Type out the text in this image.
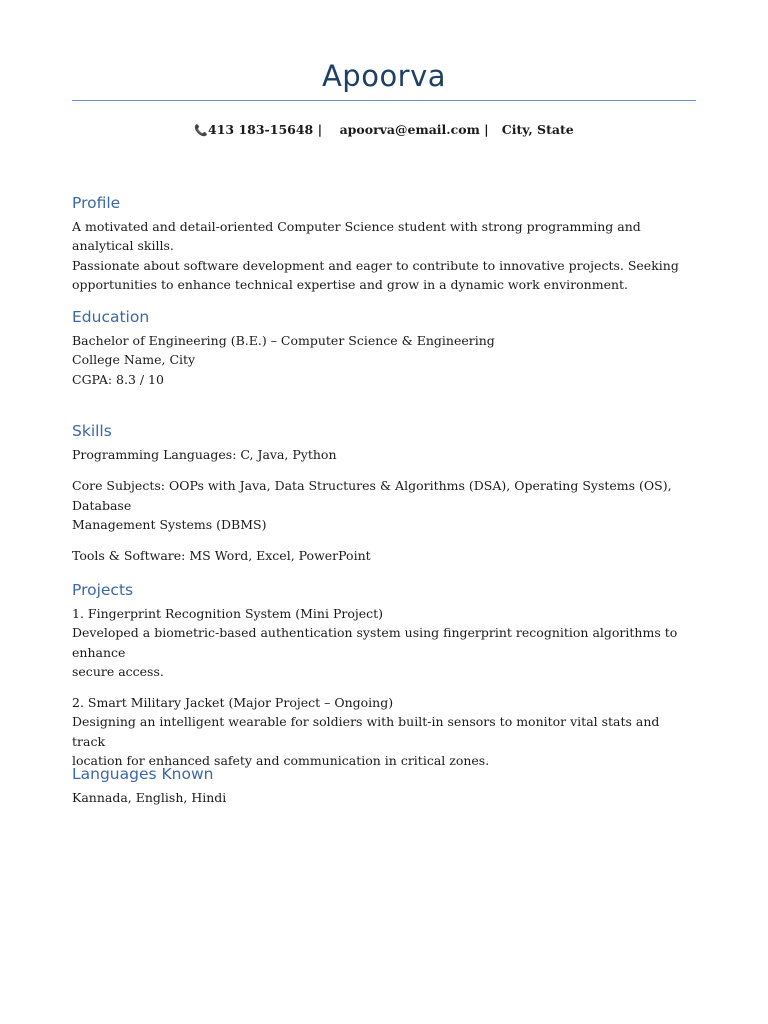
Apoorva
📞413 183-15648 | apoorva@email.com | City, State
Profile

A motivated and detail-oriented Computer Science student with strong programming and analytical skills.
Passionate about software development and eager to contribute to innovative projects. Seeking
opportunities to enhance technical expertise and grow in a dynamic work environment.

Education

Bachelor of Engineering (B.E.) – Computer Science & Engineering
College Name, City
CGPA: 8.3 / 10

Skills

Programming Languages: C, Java, Python

Core Subjects: OOPs with Java, Data Structures & Algorithms (DSA), Operating Systems (OS), Database
Management Systems (DBMS)

Tools & Software: MS Word, Excel, PowerPoint

Projects

1. Fingerprint Recognition System (Mini Project)
Developed a biometric-based authentication system using fingerprint recognition algorithms to enhance
secure access.

2. Smart Military Jacket (Major Project – Ongoing)
Designing an intelligent wearable for soldiers with built-in sensors to monitor vital stats and track
location for enhanced safety and communication in critical zones.

Languages Known

Kannada, English, Hindi
